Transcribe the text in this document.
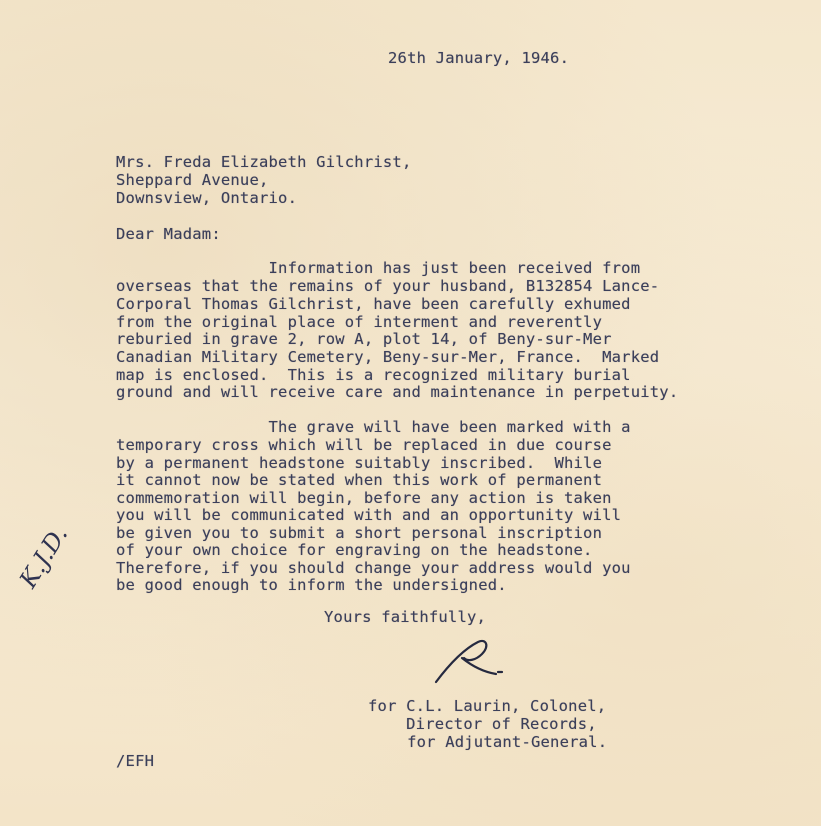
26th January, 1946.
Mrs. Freda Elizabeth Gilchrist,
Sheppard Avenue,
Downsview, Ontario.
Dear Madam:
Information has just been received from
overseas that the remains of your husband, B132854 Lance-
Corporal Thomas Gilchrist, have been carefully exhumed
from the original place of interment and reverently
reburied in grave 2, row A, plot 14, of Beny-sur-Mer
Canadian Military Cemetery, Beny-sur-Mer, France.  Marked
map is enclosed.  This is a recognized military burial
ground and will receive care and maintenance in perpetuity.
The grave will have been marked with a
temporary cross which will be replaced in due course
by a permanent headstone suitably inscribed.  While
it cannot now be stated when this work of permanent
commemoration will begin, before any action is taken
you will be communicated with and an opportunity will
be given you to submit a short personal inscription
of your own choice for engraving on the headstone.
Therefore, if you should change your address would you
be good enough to inform the undersigned.
Yours faithfully,
for C.L. Laurin, Colonel,
Director of Records,
for Adjutant-General.
/EFH
K.J.D.
